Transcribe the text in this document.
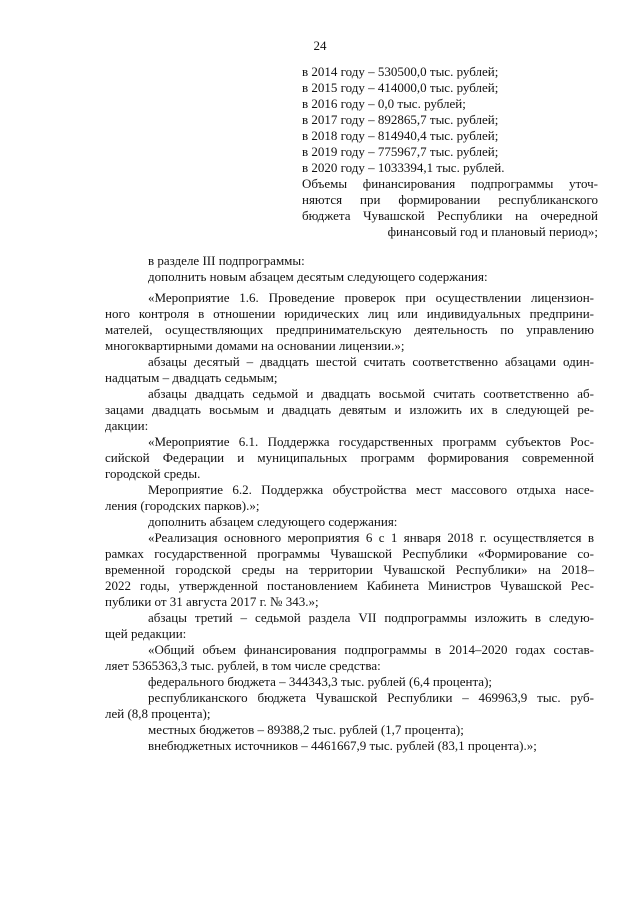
24
в 2014 году – 530500,0 тыс. рублей;
в 2015 году – 414000,0 тыс. рублей;
в 2016 году – 0,0 тыс. рублей;
в 2017 году – 892865,7 тыс. рублей;
в 2018 году – 814940,4 тыс. рублей;
в 2019 году – 775967,7 тыс. рублей;
в 2020 году – 1033394,1 тыс. рублей.
Объемы финансирования подпрограммы уточ-
няются при формировании республиканского
бюджета Чувашской Республики на очередной
финансовый год и плановый период»;
в разделе III подпрограммы:
дополнить новым абзацем десятым следующего содержания:
«Мероприятие 1.6. Проведение проверок при осуществлении лицензион-
ного контроля в отношении юридических лиц или индивидуальных предприни-
мателей, осуществляющих предпринимательскую деятельность по управлению
многоквартирными домами на основании лицензии.»;
абзацы десятый – двадцать шестой считать соответственно абзацами один-
надцатым – двадцать седьмым;
абзацы двадцать седьмой и двадцать восьмой считать соответственно аб-
зацами двадцать восьмым и двадцать девятым и изложить их в следующей ре-
дакции:
«Мероприятие 6.1. Поддержка государственных программ субъектов Рос-
сийской Федерации и муниципальных программ формирования современной
городской среды.
Мероприятие 6.2. Поддержка обустройства мест массового отдыха насе-
ления (городских парков).»;
дополнить абзацем следующего содержания:
«Реализация основного мероприятия 6 с 1 января 2018 г. осуществляется в
рамках государственной программы Чувашской Республики «Формирование со-
временной городской среды на территории Чувашской Республики» на 2018–
2022 годы, утвержденной постановлением Кабинета Министров Чувашской Рес-
публики от 31 августа 2017 г. № 343.»;
абзацы третий – седьмой раздела VII подпрограммы изложить в следую-
щей редакции:
«Общий объем финансирования подпрограммы в 2014–2020 годах состав-
ляет 5365363,3 тыс. рублей, в том числе средства:
федерального бюджета – 344343,3 тыс. рублей (6,4 процента);
республиканского бюджета Чувашской Республики – 469963,9 тыс. руб-
лей (8,8 процента);
местных бюджетов – 89388,2 тыс. рублей (1,7 процента);
внебюджетных источников – 4461667,9 тыс. рублей (83,1 процента).»;
